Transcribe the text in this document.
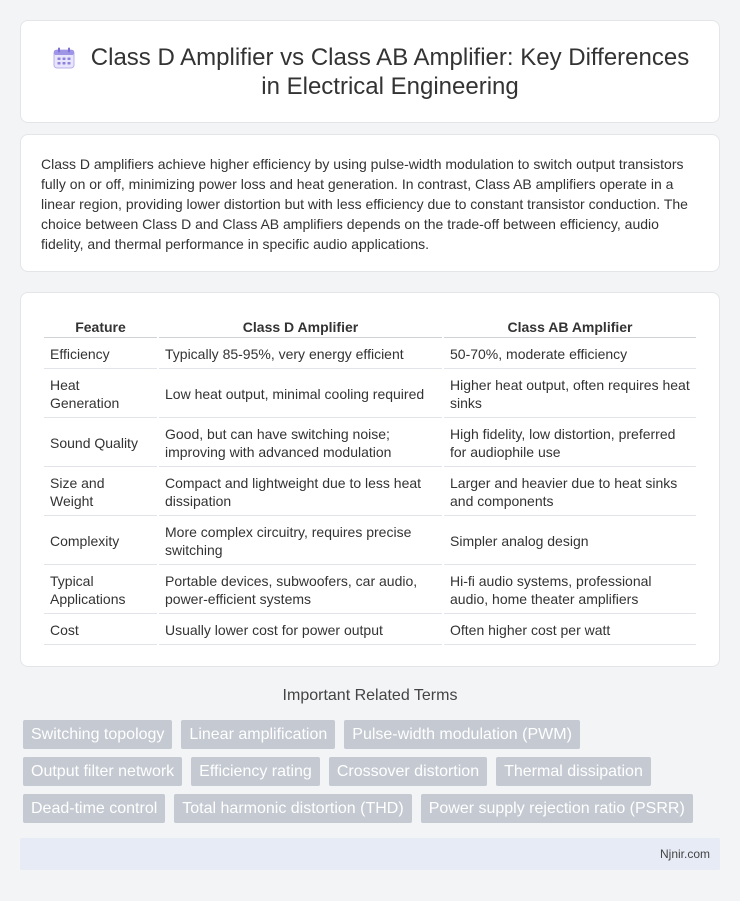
Class D Amplifier vs Class AB Amplifier: Key Differences in Electrical Engineering

Class D amplifiers achieve higher efficiency by using pulse-width modulation to switch output transistors fully on or off, minimizing power loss and heat generation. In contrast, Class AB amplifiers operate in a linear region, providing lower distortion but with less efficiency due to constant transistor conduction. The choice between Class D and Class AB amplifiers depends on the trade-off between efficiency, audio fidelity, and thermal performance in specific audio applications.

Feature	Class D Amplifier	Class AB Amplifier
Efficiency	Typically 85-95%, very energy efficient	50-70%, moderate efficiency
Heat Generation	Low heat output, minimal cooling required	Higher heat output, often requires heat sinks
Sound Quality	Good, but can have switching noise; improving with advanced modulation	High fidelity, low distortion, preferred for audiophile use
Size and Weight	Compact and lightweight due to less heat dissipation	Larger and heavier due to heat sinks and components
Complexity	More complex circuitry, requires precise switching	Simpler analog design
Typical Applications	Portable devices, subwoofers, car audio, power-efficient systems	Hi-fi audio systems, professional audio, home theater amplifiers
Cost	Usually lower cost for power output	Often higher cost per watt
Important Related Terms
Switching topology	Linear amplification	Pulse-width modulation (PWM)
Output filter network	Efficiency rating	Crossover distortion	Thermal dissipation
Dead-time control	Total harmonic distortion (THD)	Power supply rejection ratio (PSRR)
Njnir.com
